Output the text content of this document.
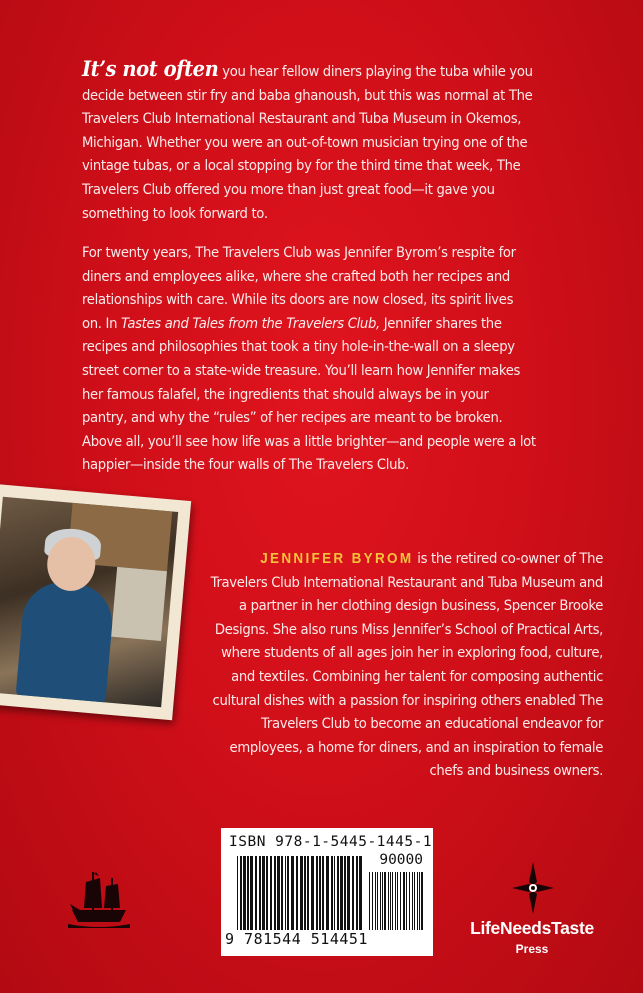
It’s not often you hear fellow diners playing the tuba while you decide between stir fry and baba ghanoush, but this was normal at The Travelers Club International Restaurant and Tuba Museum in Okemos, Michigan. Whether you were an out-of-town musician trying one of the vintage tubas, or a local stopping by for the third time that week, The Travelers Club offered you more than just great food—it gave you something to look forward to.

For twenty years, The Travelers Club was Jennifer Byrom’s respite for diners and employees alike, where she crafted both her recipes and relationships with care. While its doors are now closed, its spirit lives on. In Tastes and Tales from the Travelers Club, Jennifer shares the recipes and philosophies that took a tiny hole-in-the-wall on a sleepy street corner to a state-wide treasure. You’ll learn how Jennifer makes her famous falafel, the ingredients that should always be in your pantry, and why the “rules” of her recipes are meant to be broken. Above all, you’ll see how life was a little brighter—and people were a lot happier—inside the four walls of The Travelers Club.

JENNIFER BYROM is the retired co-owner of The Travelers Club International Restaurant and Tuba Museum and a partner in her clothing design business, Spencer Brooke Designs. She also runs Miss Jennifer’s School of Practical Arts, where students of all ages join her in exploring food, culture, and textiles. Combining her talent for composing authentic cultural dishes with a passion for inspiring others enabled The Travelers Club to become an educational endeavor for employees, a home for diners, and an inspiration to female chefs and business owners.
ISBN 978-1-5445-1445-1
90000
9 781544 514451
LifeNeedsTaste
Press
